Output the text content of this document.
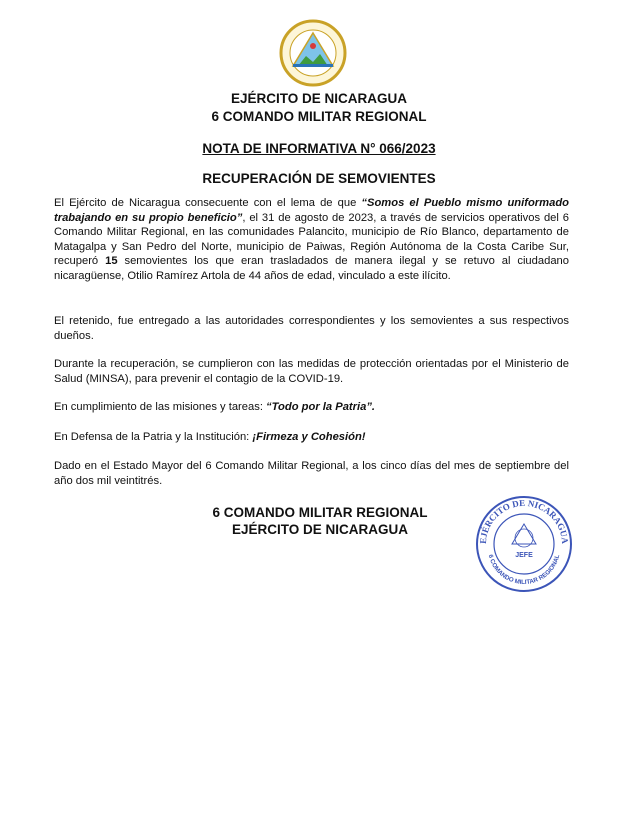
EJÉRCITO DE NICARAGUA
6 COMANDO MILITAR REGIONAL
NOTA DE INFORMATIVA N° 066/2023
RECUPERACIÓN DE SEMOVIENTES

El Ejército de Nicaragua consecuente con el lema de que “Somos el Pueblo mismo uniformado trabajando en su propio beneficio”, el 31 de agosto de 2023, a través de servicios operativos del 6 Comando Militar Regional, en las comunidades Palancito, municipio de Río Blanco, departamento de Matagalpa y San Pedro del Norte, municipio de Paiwas, Región Autónoma de la Costa Caribe Sur, recuperó 15 semovientes los que eran trasladados de manera ilegal y se retuvo al ciudadano nicaragüense, Otilio Ramírez Artola de 44 años de edad, vinculado a este ilícito.

El retenido, fue entregado a las autoridades correspondientes y los semovientes a sus respectivos dueños.

Durante la recuperación, se cumplieron con las medidas de protección orientadas por el Ministerio de Salud (MINSA), para prevenir el contagio de la COVID-19.

En cumplimiento de las misiones y tareas: “Todo por la Patria”.

En Defensa de la Patria y la Institución: ¡Firmeza y Cohesión!

Dado en el Estado Mayor del 6 Comando Militar Regional, a los cinco días del mes de septiembre del año dos mil veintitrés.

6 COMANDO MILITAR REGIONAL
EJÉRCITO DE NICARAGUA
EJÉRCITO DE NICARAGUA
6 COMANDO MILITAR REGIONAL
JEFE
